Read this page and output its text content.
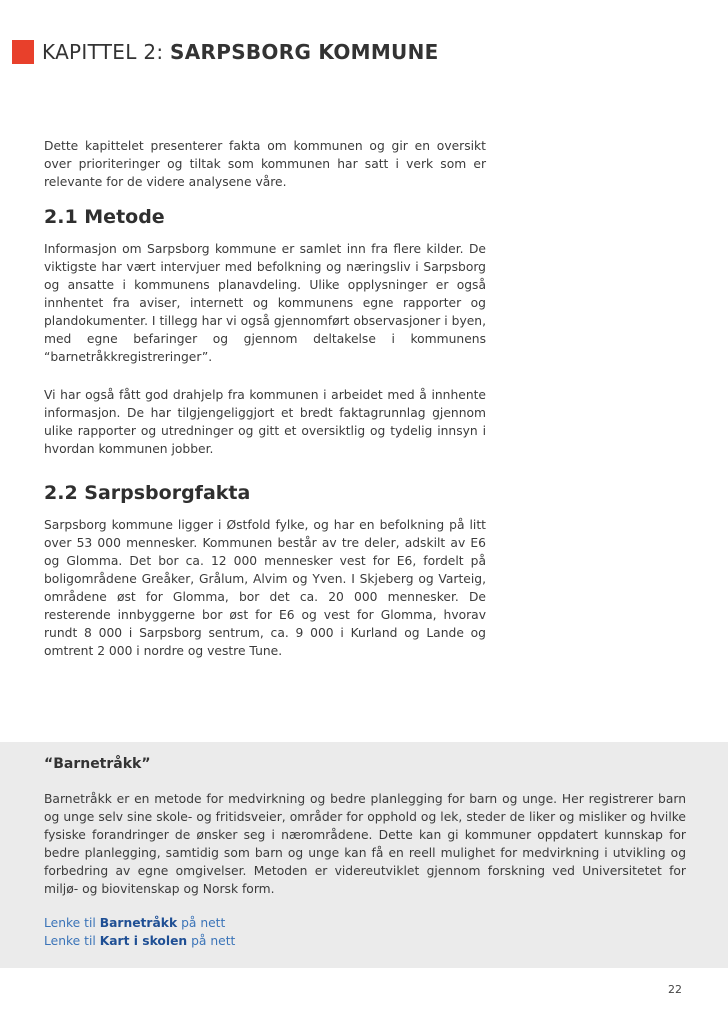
KAPITTEL 2: SARPSBORG KOMMUNE

Dette kapittelet presenterer fakta om kommunen og gir en oversikt over prioriteringer og tiltak som kommunen har satt i verk som er relevante for de videre analysene våre.

2.1 Metode

Informasjon om Sarpsborg kommune er samlet inn fra flere kilder. De viktigste har vært intervjuer med befolkning og næringsliv i Sarpsborg og ansatte i kommunens planavdeling. Ulike opplysninger er også innhentet fra aviser, internett og kommunens egne rapporter og plandokumenter. I tillegg har vi også gjennomført observasjoner i byen, med egne befaringer og gjennom deltakelse i kommunens “barnetråkkregistreringer”.

Vi har også fått god drahjelp fra kommunen i arbeidet med å innhente informasjon. De har tilgjengeliggjort et bredt faktagrunnlag gjennom ulike rapporter og utredninger og gitt et oversiktlig og tydelig innsyn i hvordan kommunen jobber.

2.2 Sarpsborgfakta

Sarpsborg kommune ligger i Østfold fylke, og har en befolkning på litt over 53 000 mennesker. Kommunen består av tre deler, adskilt av E6 og Glomma. Det bor ca. 12 000 mennesker vest for E6, fordelt på boligområdene Greåker, Grålum, Alvim og Yven. I Skjeberg og Varteig, områdene øst for Glomma, bor det ca. 20 000 mennesker. De resterende innbyggerne bor øst for E6 og vest for Glomma, hvorav rundt 8 000 i Sarpsborg sentrum, ca. 9 000 i Kurland og Lande og omtrent 2 000 i nordre og vestre Tune.

“Barnetråkk”

Barnetråkk er en metode for medvirkning og bedre planlegging for barn og unge. Her registrerer barn og unge selv sine skole- og fritidsveier, områder for opphold og lek, steder de liker og misliker og hvilke fysiske forandringer de ønsker seg i nærområdene. Dette kan gi kommuner oppdatert kunnskap for bedre planlegging, samtidig som barn og unge kan få en reell mulighet for medvirkning i utvikling og forbedring av egne omgivelser. Metoden er videreutviklet gjennom forskning ved Universitetet for miljø- og biovitenskap og Norsk form.

Lenke til Barnetråkk på nett
Lenke til Kart i skolen på nett
22
